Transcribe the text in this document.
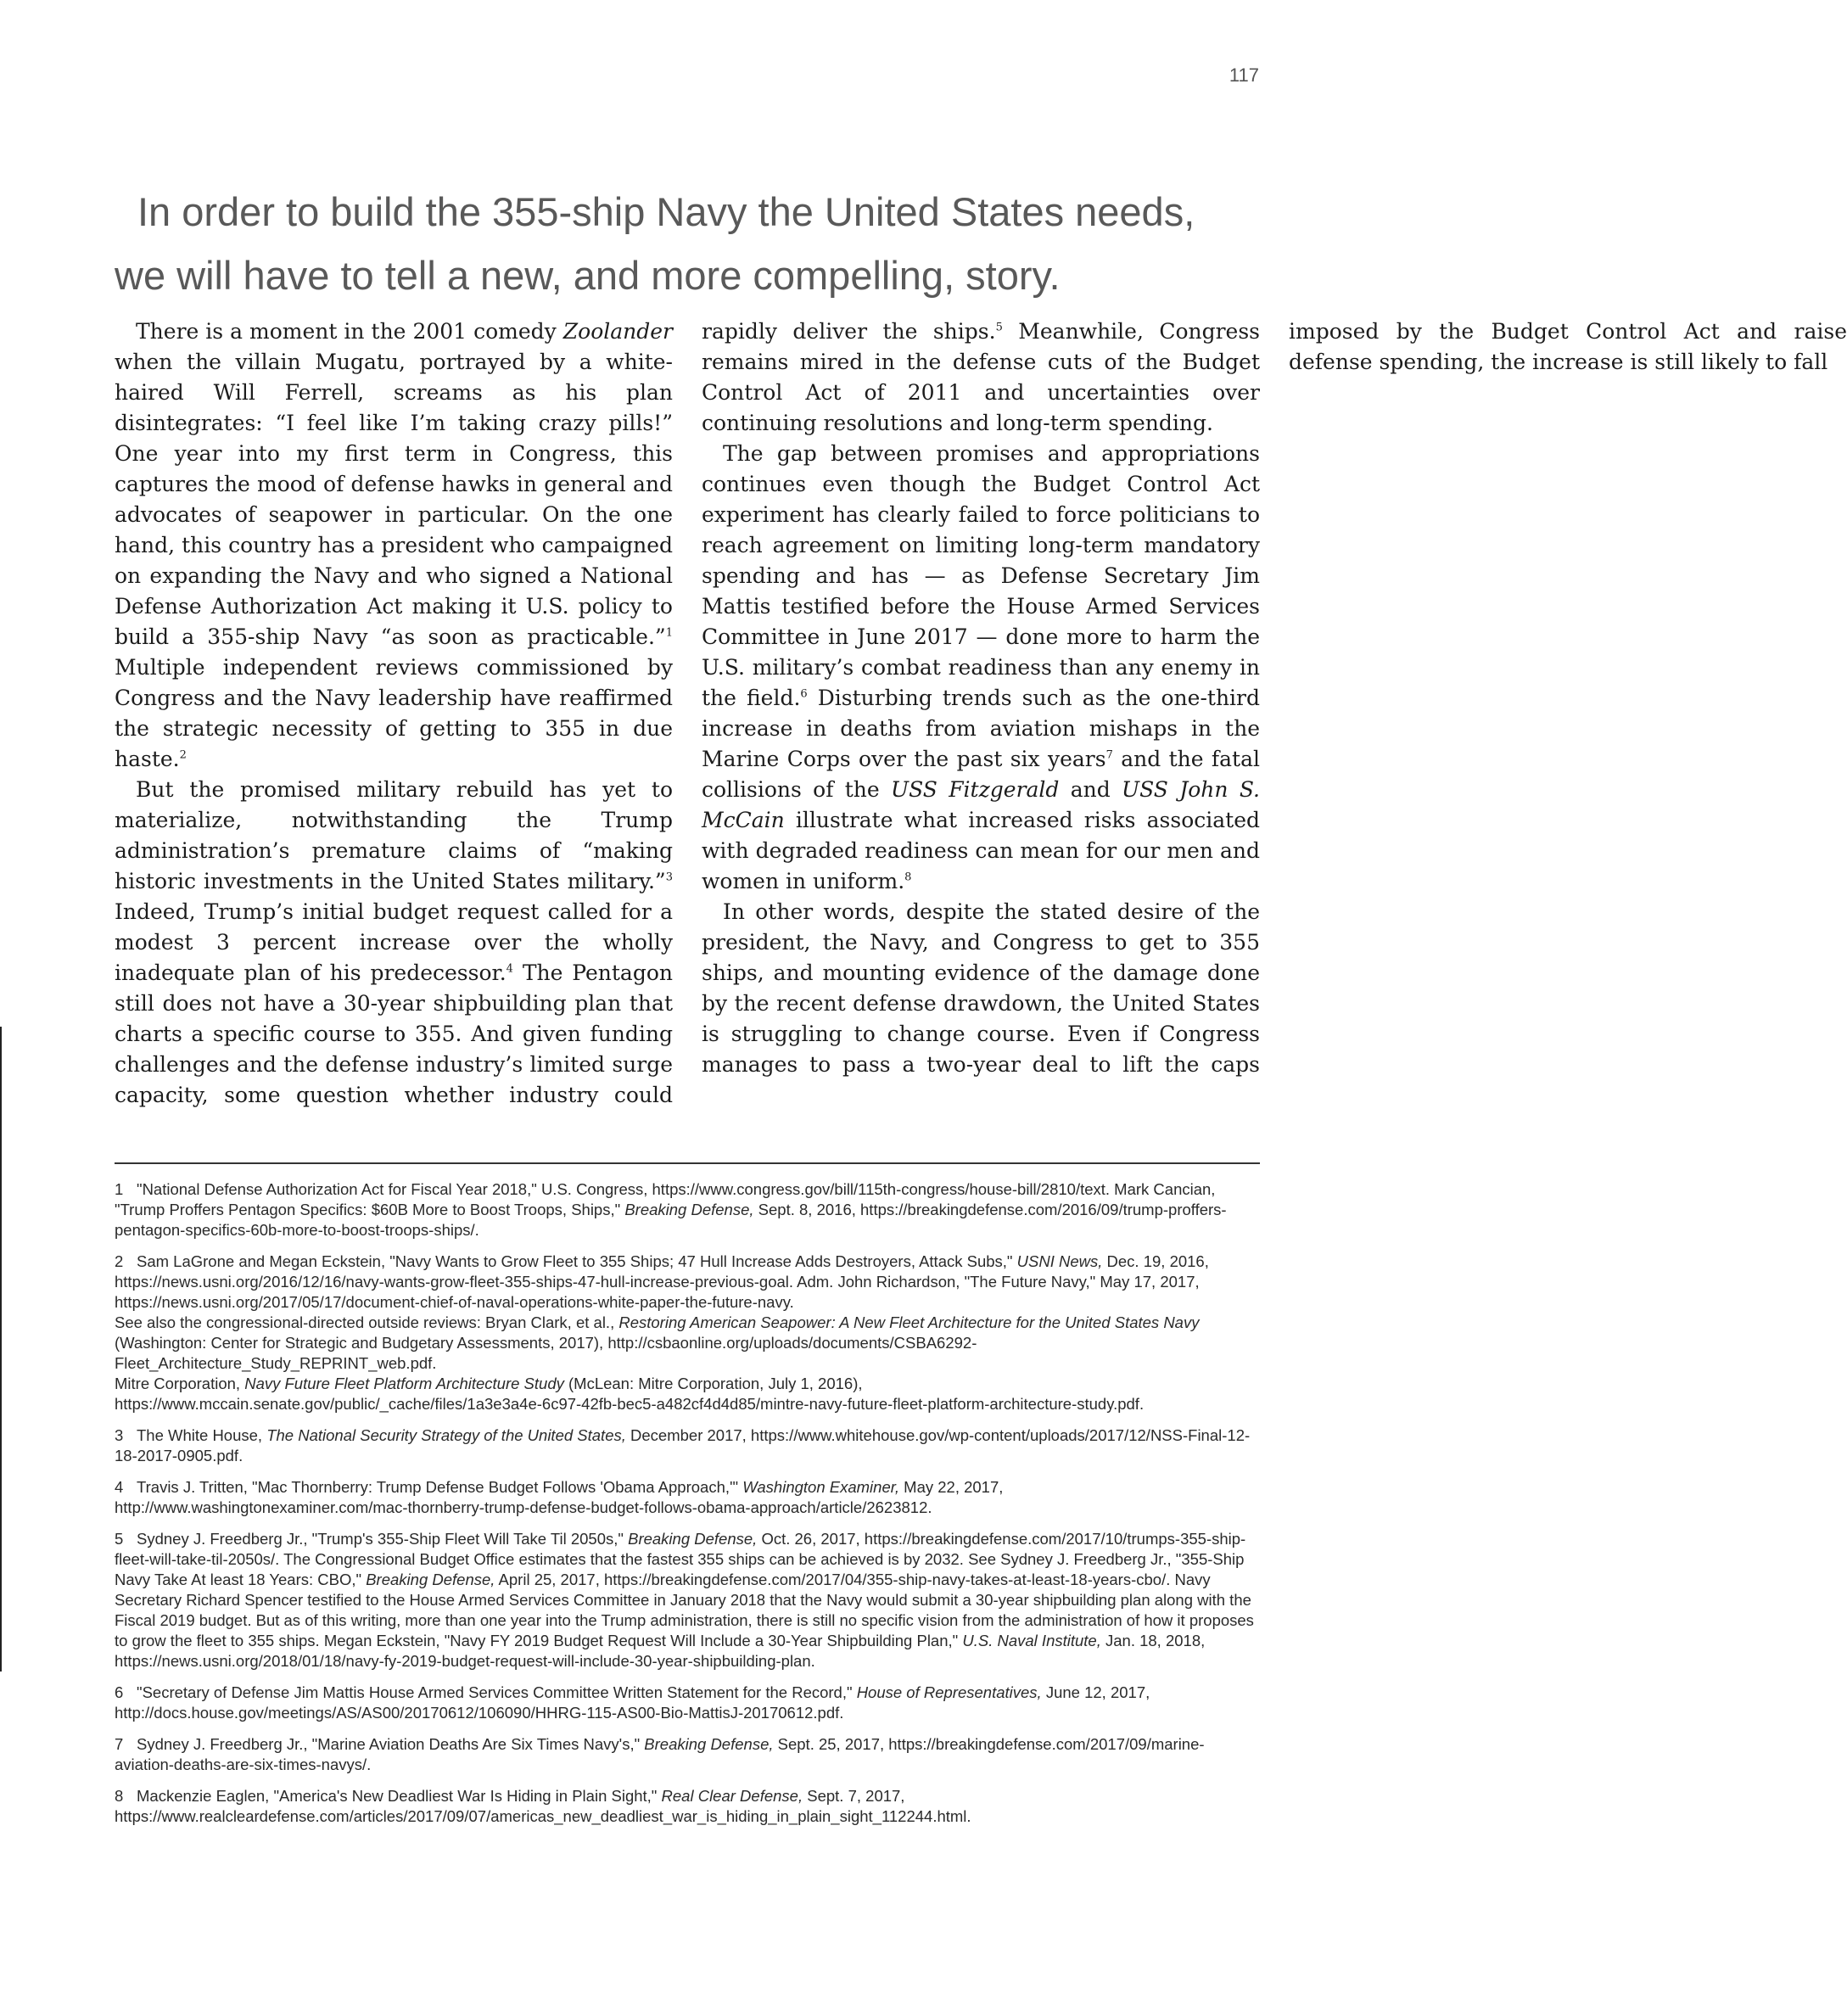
117
In order to build the 355-ship Navy the United States needs,
we will have to tell a new, and more compelling, story.

There is a moment in the 2001 comedy Zoolander when the villain Mugatu, portrayed by a white-haired Will Ferrell, screams as his plan disintegrates: “I feel like I’m taking crazy pills!” One year into my first term in Congress, this captures the mood of defense hawks in general and advocates of seapower in particular. On the one hand, this country has a president who campaigned on expanding the Navy and who signed a National Defense Authorization Act making it U.S. policy to build a 355-ship Navy “as soon as practicable.”$^1$ Multiple independent reviews commissioned by Congress and the Navy leadership have reaffirmed the strategic necessity of getting to 355 in due haste.$^2$

But the promised military rebuild has yet to materialize, notwithstanding the Trump administration’s premature claims of “making historic investments in the United States military.”$^3$ Indeed, Trump’s initial budget request called for a modest 3 percent increase over the wholly inadequate plan of his predecessor.$^4$ The Pentagon still does not have a 30-year shipbuilding plan that charts a specific course to 355. And given funding challenges and the defense industry’s limited surge capacity, some question whether industry could rapidly deliver the ships.$^5$ Meanwhile, Congress remains mired in the defense cuts of the Budget Control Act of 2011 and uncertainties over continuing resolutions and long-term spending.

The gap between promises and appropriations continues even though the Budget Control Act experiment has clearly failed to force politicians to reach agreement on limiting long-term mandatory spending and has — as Defense Secretary Jim Mattis testified before the House Armed Services Committee in June 2017 — done more to harm the U.S. military’s combat readiness than any enemy in the field.$^6$ Disturbing trends such as the one-third increase in deaths from aviation mishaps in the Marine Corps over the past six years$^7$ and the fatal collisions of the USS Fitzgerald and USS John S. McCain illustrate what increased risks associated with degraded readiness can mean for our men and women in uniform.$^8$

In other words, despite the stated desire of the president, the Navy, and Congress to get to 355 ships, and mounting evidence of the damage done by the recent defense drawdown, the United States is struggling to change course. Even if Congress manages to pass a two-year deal to lift the caps imposed by the Budget Control Act and raise defense spending, the increase is still likely to fall

1 "National Defense Authorization Act for Fiscal Year 2018," U.S. Congress, https://www.congress.gov/bill/115th-congress/house-bill/2810/text. Mark Cancian, "Trump Proffers Pentagon Specifics: $60B More to Boost Troops, Ships," Breaking Defense, Sept. 8, 2016, https://breakingdefense.com/2016/09/trump-proffers-pentagon-specifics-60b-more-to-boost-troops-ships/.

2 Sam LaGrone and Megan Eckstein, "Navy Wants to Grow Fleet to 355 Ships; 47 Hull Increase Adds Destroyers, Attack Subs," USNI News, Dec. 19, 2016, https://news.usni.org/2016/12/16/navy-wants-grow-fleet-355-ships-47-hull-increase-previous-goal. Adm. John Richardson, "The Future Navy," May 17, 2017, https://news.usni.org/2017/05/17/document-chief-of-naval-operations-white-paper-the-future-navy.

See also the congressional-directed outside reviews: Bryan Clark, et al., Restoring American Seapower: A New Fleet Architecture for the United States Navy (Washington: Center for Strategic and Budgetary Assessments, 2017), http://csbaonline.org/uploads/documents/CSBA6292-Fleet_Architecture_Study_REPRINT_web.pdf.

Mitre Corporation, Navy Future Fleet Platform Architecture Study (McLean: Mitre Corporation, July 1, 2016), https://www.mccain.senate.gov/public/_cache/files/1a3e3a4e-6c97-42fb-bec5-a482cf4d4d85/mintre-navy-future-fleet-platform-architecture-study.pdf.

3 The White House, The National Security Strategy of the United States, December 2017, https://www.whitehouse.gov/wp-content/uploads/2017/12/NSS-Final-12-18-2017-0905.pdf.

4 Travis J. Tritten, "Mac Thornberry: Trump Defense Budget Follows 'Obama Approach,'" Washington Examiner, May 22, 2017, http://www.washingtonexaminer.com/mac-thornberry-trump-defense-budget-follows-obama-approach/article/2623812.

5 Sydney J. Freedberg Jr., "Trump's 355-Ship Fleet Will Take Til 2050s," Breaking Defense, Oct. 26, 2017, https://breakingdefense.com/2017/10/trumps-355-ship-fleet-will-take-til-2050s/. The Congressional Budget Office estimates that the fastest 355 ships can be achieved is by 2032. See Sydney J. Freedberg Jr., "355-Ship Navy Take At least 18 Years: CBO," Breaking Defense, April 25, 2017, https://breakingdefense.com/2017/04/355-ship-navy-takes-at-least-18-years-cbo/. Navy Secretary Richard Spencer testified to the House Armed Services Committee in January 2018 that the Navy would submit a 30-year shipbuilding plan along with the Fiscal 2019 budget. But as of this writing, more than one year into the Trump administration, there is still no specific vision from the administration of how it proposes to grow the fleet to 355 ships. Megan Eckstein, "Navy FY 2019 Budget Request Will Include a 30-Year Shipbuilding Plan," U.S. Naval Institute, Jan. 18, 2018, https://news.usni.org/2018/01/18/navy-fy-2019-budget-request-will-include-30-year-shipbuilding-plan.

6 "Secretary of Defense Jim Mattis House Armed Services Committee Written Statement for the Record," House of Representatives, June 12, 2017, http://docs.house.gov/meetings/AS/AS00/20170612/106090/HHRG-115-AS00-Bio-MattisJ-20170612.pdf.

7 Sydney J. Freedberg Jr., "Marine Aviation Deaths Are Six Times Navy's," Breaking Defense, Sept. 25, 2017, https://breakingdefense.com/2017/09/marine-aviation-deaths-are-six-times-navys/.

8 Mackenzie Eaglen, "America's New Deadliest War Is Hiding in Plain Sight," Real Clear Defense, Sept. 7, 2017, https://www.realcleardefense.com/articles/2017/09/07/americas_new_deadliest_war_is_hiding_in_plain_sight_112244.html.
